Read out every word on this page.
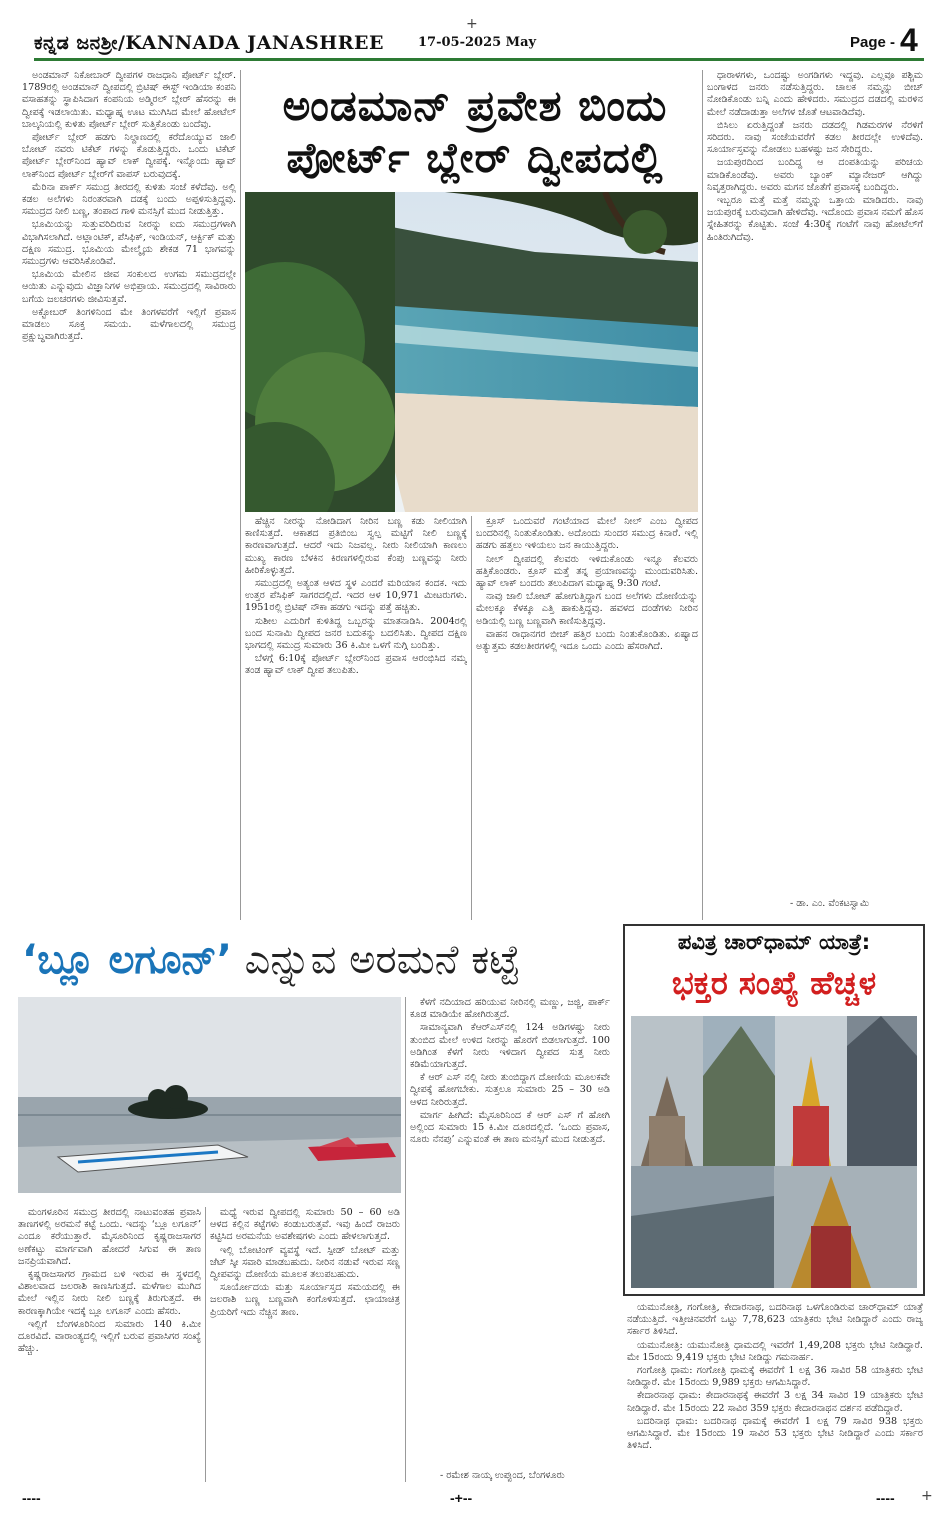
+
ಕನ್ನಡ ಜನಶ್ರೀ/KANNADA JANASHREE	17-05-2025 May	Page - 4
ಅಂಡಮಾನ್ ಪ್ರವೇಶ ಬಿಂದು
ಪೋರ್ಟ್ ಬ್ಲೇರ್ ದ್ವೀಪದಲ್ಲಿ

ಅಂಡಮಾನ್ ನಿಕೋಬಾರ್ ದ್ವೀಪಗಳ ರಾಜಧಾನಿ ಪೋರ್ಟ್ ಬ್ಲೇರ್. 1789ರಲ್ಲಿ ಅಂಡಮಾನ್ ದ್ವೀಪದಲ್ಲಿ ಬ್ರಿಟಿಷ್ ಈಸ್ಟ್ ಇಂಡಿಯಾ ಕಂಪನಿ ವಸಾಹತನ್ನು ಸ್ಥಾಪಿಸಿದಾಗ ಕಂಪನಿಯ ಅಡ್ಮಿರಲ್ ಬ್ಲೇರ್ ಹೆಸರನ್ನು ಈ ದ್ವೀಪಕ್ಕೆ ಇಡಲಾಯಿತು. ಮಧ್ಯಾಹ್ನ ಊಟ ಮುಗಿಸಿದ ಮೇಲೆ ಹೋಟೆಲ್ ಬಾಲ್ಕನಿಯಲ್ಲಿ ಕುಳಿತು ಪೋರ್ಟ್ ಬ್ಲೇರ್ ಸುತ್ತಿಕೊಂಡು ಬಂದೆವು.

ಪೋರ್ಟ್ ಬ್ಲೇರ್ ಹಡಗು ನಿಲ್ದಾಣದಲ್ಲಿ ಕರೆದೊಯ್ಯುವ ಜಾಲಿ ಬೋಟ್ ನವರು ಟಿಕೆಟ್ ಗಳನ್ನು ಕೊಡುತ್ತಿದ್ದರು. ಒಂದು ಟಿಕೆಟ್ ಪೋರ್ಟ್ ಬ್ಲೇರ್‌ನಿಂದ ಹ್ಯಾವ್ ಲಾಕ್ ದ್ವೀಪಕ್ಕೆ. ಇನ್ನೊಂದು ಹ್ಯಾವ್ ಲಾಕ್‌ನಿಂದ ಪೋರ್ಟ್ ಬ್ಲೇರ್‌ಗೆ ವಾಪಸ್ ಬರುವುದಕ್ಕೆ.

ಮೆರಿನಾ ಪಾರ್ಕ್ ಸಮುದ್ರ ತೀರದಲ್ಲಿ ಕುಳಿತು ಸಂಜೆ ಕಳೆದೆವು. ಅಲ್ಲಿ ಕಡಲ ಅಲೆಗಳು ನಿರಂತರವಾಗಿ ದಡಕ್ಕೆ ಬಂದು ಅಪ್ಪಳಿಸುತ್ತಿದ್ದವು. ಸಮುದ್ರದ ನೀಲಿ ಬಣ್ಣ, ತಂಪಾದ ಗಾಳಿ ಮನಸ್ಸಿಗೆ ಮುದ ನೀಡುತ್ತಿತ್ತು.

ಭೂಮಿಯನ್ನು ಸುತ್ತುವರಿದಿರುವ ನೀರನ್ನು ಐದು ಸಮುದ್ರಗಳಾಗಿ ವಿಭಾಗಿಸಲಾಗಿದೆ. ಅಟ್ಲಾಂಟಿಕ್, ಪೆಸಿಫಿಕ್, ಇಂಡಿಯನ್, ಆರ್ಕ್ಟಿಕ್ ಮತ್ತು ದಕ್ಷಿಣ ಸಮುದ್ರ. ಭೂಮಿಯ ಮೇಲ್ಮೈಯ ಶೇಕಡ 71 ಭಾಗವನ್ನು ಸಮುದ್ರಗಳು ಆವರಿಸಿಕೊಂಡಿವೆ.

ಭೂಮಿಯ ಮೇಲಿನ ಜೀವ ಸಂಕುಲದ ಉಗಮ ಸಮುದ್ರದಲ್ಲೇ ಆಯಿತು ಎನ್ನುವುದು ವಿಜ್ಞಾನಿಗಳ ಅಭಿಪ್ರಾಯ. ಸಮುದ್ರದಲ್ಲಿ ಸಾವಿರಾರು ಬಗೆಯ ಜಲಚರಗಳು ಜೀವಿಸುತ್ತವೆ.

ಅಕ್ಟೋಬರ್ ತಿಂಗಳಿನಿಂದ ಮೇ ತಿಂಗಳವರೆಗೆ ಇಲ್ಲಿಗೆ ಪ್ರವಾಸ ಮಾಡಲು ಸೂಕ್ತ ಸಮಯ. ಮಳೆಗಾಲದಲ್ಲಿ ಸಮುದ್ರ ಪ್ರಕ್ಷುಬ್ಧವಾಗಿರುತ್ತದೆ.

ಹೆಚ್ಚಿನ ನೀರನ್ನು ನೋಡಿದಾಗ ನೀರಿನ ಬಣ್ಣ ಕಡು ನೀಲಿಯಾಗಿ ಕಾಣಿಸುತ್ತದೆ. ಆಕಾಶದ ಪ್ರತಿಬಿಂಬ ಸ್ವಲ್ಪ ಮಟ್ಟಿಗೆ ನೀಲಿ ಬಣ್ಣಕ್ಕೆ ಕಾರಣವಾಗುತ್ತದೆ. ಆದರೆ ಇದು ನಿಜವಲ್ಲ. ನೀರು ನೀಲಿಯಾಗಿ ಕಾಣಲು ಮುಖ್ಯ ಕಾರಣ ಬೆಳಕಿನ ಕಿರಣಗಳಲ್ಲಿರುವ ಕೆಂಪು ಬಣ್ಣವನ್ನು ನೀರು ಹೀರಿಕೊಳ್ಳುತ್ತದೆ.

ಸಮುದ್ರದಲ್ಲಿ ಅತ್ಯಂತ ಆಳದ ಸ್ಥಳ ಎಂದರೆ ಮರಿಯಾನ ಕಂದಕ. ಇದು ಉತ್ತರ ಪೆಸಿಫಿಕ್ ಸಾಗರದಲ್ಲಿದೆ. ಇದರ ಆಳ 10,971 ಮೀಟರುಗಳು. 1951ರಲ್ಲಿ ಬ್ರಿಟಿಷ್ ನೌಕಾ ಹಡಗು ಇದನ್ನು ಪತ್ತೆ ಹಚ್ಚಿತು.

ಸುಶೀಲ ಎದುರಿಗೆ ಕುಳಿತಿದ್ದ ಒಬ್ಬರನ್ನು ಮಾತನಾಡಿಸಿ. 2004ರಲ್ಲಿ ಬಂದ ಸುನಾಮಿ ದ್ವೀಪದ ಜನರ ಬದುಕನ್ನು ಬದಲಿಸಿತು. ದ್ವೀಪದ ದಕ್ಷಿಣ ಭಾಗದಲ್ಲಿ ಸಮುದ್ರ ಸುಮಾರು 36 ಕಿ.ಮೀ ಒಳಗೆ ನುಗ್ಗಿ ಬಂದಿತ್ತು.

ಬೆಳಗ್ಗೆ 6:10ಕ್ಕೆ ಪೋರ್ಟ್ ಬ್ಲೇರ್‌ನಿಂದ ಪ್ರವಾಸ ಆರಂಭಿಸಿದ ನಮ್ಮ ತಂಡ ಹ್ಯಾವ್ ಲಾಕ್ ದ್ವೀಪ ತಲುಪಿತು.

ಕ್ರೂಸ್ ಒಂದುವರೆ ಗಂಟೆಯಾದ ಮೇಲೆ ನೀಲ್ ಎಂಬ ದ್ವೀಪದ ಬಂದರಿನಲ್ಲಿ ನಿಂತುಕೊಂಡಿತು. ಅದೊಂದು ಸುಂದರ ಸಮುದ್ರ ಕಿನಾರೆ. ಇಲ್ಲಿ ಹಡಗು ಹತ್ತಲು ಇಳಿಯಲು ಜನ ಕಾಯುತ್ತಿದ್ದರು.

ನೀಲ್ ದ್ವೀಪದಲ್ಲಿ ಕೆಲವರು ಇಳಿದುಕೊಂಡು ಇನ್ನೂ ಕೆಲವರು ಹತ್ತಿಕೊಂಡರು. ಕ್ರೂಸ್ ಮತ್ತೆ ತನ್ನ ಪ್ರಯಾಣವನ್ನು ಮುಂದುವರಿಸಿತು. ಹ್ಯಾವ್ ಲಾಕ್ ಬಂದರು ತಲುಪಿದಾಗ ಮಧ್ಯಾಹ್ನ 9:30 ಗಂಟೆ.

ನಾವು ಜಾಲಿ ಬೋಟ್ ಹೋಗುತ್ತಿದ್ದಾಗ ಬಂದ ಅಲೆಗಳು ದೋಣಿಯನ್ನು ಮೇಲಕ್ಕೂ ಕೆಳಕ್ಕೂ ಎತ್ತಿ ಹಾಕುತ್ತಿದ್ದವು. ಹವಳದ ದಂಡೆಗಳು ನೀರಿನ ಅಡಿಯಲ್ಲಿ ಬಣ್ಣ ಬಣ್ಣವಾಗಿ ಕಾಣಿಸುತ್ತಿದ್ದವು.

ವಾಹನ ರಾಧಾನಗರ ಬೀಚ್ ಹತ್ತಿರ ಬಂದು ನಿಂತುಕೊಂಡಿತು. ಏಷ್ಯಾದ ಅತ್ಯುತ್ತಮ ಕಡಲತೀರಗಳಲ್ಲಿ ಇದೂ ಒಂದು ಎಂದು ಹೆಸರಾಗಿದೆ.

ಧಾರಾಳಗಳು, ಒಂದಷ್ಟು ಅಂಗಡಿಗಳು ಇದ್ದವು. ಎಲ್ಲವೂ ಪಶ್ಚಿಮ ಬಂಗಾಳದ ಜನರು ನಡೆಸುತ್ತಿದ್ದರು. ಚಾಲಕ ನಮ್ಮನ್ನು ಬೀಚ್ ನೋಡಿಕೊಂಡು ಬನ್ನಿ ಎಂದು ಹೇಳಿದರು. ಸಮುದ್ರದ ದಡದಲ್ಲಿ ಮರಳಿನ ಮೇಲೆ ನಡೆದಾಡುತ್ತಾ ಅಲೆಗಳ ಜೊತೆ ಆಟವಾಡಿದೆವು.

ಬಿಸಿಲು ಏರುತ್ತಿದ್ದಂತೆ ಜನರು ದಡದಲ್ಲಿ ಗಿಡಮರಗಳ ನೆರಳಿಗೆ ಸರಿದರು. ನಾವು ಸಂಜೆಯವರೆಗೆ ಕಡಲ ತೀರದಲ್ಲೇ ಉಳಿದೆವು. ಸೂರ್ಯಾಸ್ತವನ್ನು ನೋಡಲು ಬಹಳಷ್ಟು ಜನ ಸೇರಿದ್ದರು.

ಜಯಪುರದಿಂದ ಬಂದಿದ್ದ ಆ ದಂಪತಿಯನ್ನು ಪರಿಚಯ ಮಾಡಿಕೊಂಡೆವು. ಅವರು ಬ್ಯಾಂಕ್ ಮ್ಯಾನೇಜರ್ ಆಗಿದ್ದು ನಿವೃತ್ತರಾಗಿದ್ದರು. ಅವರು ಮಗನ ಜೊತೆಗೆ ಪ್ರವಾಸಕ್ಕೆ ಬಂದಿದ್ದರು.

ಇಬ್ಬರೂ ಮತ್ತೆ ಮತ್ತೆ ನಮ್ಮನ್ನು ಒತ್ತಾಯ ಮಾಡಿದರು. ನಾವು ಜಯಪುರಕ್ಕೆ ಬರುವುದಾಗಿ ಹೇಳಿದೆವು. ಇದೊಂದು ಪ್ರವಾಸ ನಮಗೆ ಹೊಸ ಸ್ನೇಹಿತರನ್ನು ಕೊಟ್ಟಿತು. ಸಂಜೆ 4:30ಕ್ಕೆ ಗಂಟೆಗೆ ನಾವು ಹೋಟೆಲ್‌ಗೆ ಹಿಂತಿರುಗಿದೆವು.

- ಡಾ. ಎಂ. ವೆಂಕಟಸ್ವಾಮಿ
‘ಬ್ಲೂ ಲಗೂನ್’ ಎನ್ನುವ ಅರಮನೆ ಕಟ್ಟೆ

ಮಂಗಳೂರಿನ ಸಮುದ್ರ ತೀರದಲ್ಲಿ ನಾಟುವಂತಹ ಪ್ರವಾಸಿ ತಾಣಗಳಲ್ಲಿ ಅರಮನೆ ಕಟ್ಟೆ ಒಂದು. ಇದನ್ನು ‘ಬ್ಲೂ ಲಗೂನ್’ ಎಂದೂ ಕರೆಯುತ್ತಾರೆ. ಮೈಸೂರಿನಿಂದ ಕೃಷ್ಣರಾಜಸಾಗರ ಅಣೆಕಟ್ಟು ಮಾರ್ಗವಾಗಿ ಹೋದರೆ ಸಿಗುವ ಈ ತಾಣ ಜನಪ್ರಿಯವಾಗಿದೆ.

ಕೃಷ್ಣರಾಜಸಾಗರ ಗ್ರಾಮದ ಬಳಿ ಇರುವ ಈ ಸ್ಥಳದಲ್ಲಿ ವಿಶಾಲವಾದ ಜಲರಾಶಿ ಕಾಣಸಿಗುತ್ತದೆ. ಮಳೆಗಾಲ ಮುಗಿದ ಮೇಲೆ ಇಲ್ಲಿನ ನೀರು ನೀಲಿ ಬಣ್ಣಕ್ಕೆ ತಿರುಗುತ್ತದೆ. ಈ ಕಾರಣಕ್ಕಾಗಿಯೇ ಇದಕ್ಕೆ ಬ್ಲೂ ಲಗೂನ್ ಎಂದು ಹೆಸರು.

ಇಲ್ಲಿಗೆ ಬೆಂಗಳೂರಿನಿಂದ ಸುಮಾರು 140 ಕಿ.ಮೀ ದೂರವಿದೆ. ವಾರಾಂತ್ಯದಲ್ಲಿ ಇಲ್ಲಿಗೆ ಬರುವ ಪ್ರವಾಸಿಗರ ಸಂಖ್ಯೆ ಹೆಚ್ಚು.

ಮಧ್ಯೆ ಇರುವ ದ್ವೀಪದಲ್ಲಿ ಸುಮಾರು 50 – 60 ಅಡಿ ಆಳದ ಕಲ್ಲಿನ ಕಟ್ಟೆಗಳು ಕಂಡುಬರುತ್ತವೆ. ಇವು ಹಿಂದೆ ರಾಜರು ಕಟ್ಟಿಸಿದ ಅರಮನೆಯ ಅವಶೇಷಗಳು ಎಂದು ಹೇಳಲಾಗುತ್ತದೆ.

ಇಲ್ಲಿ ಬೋಟಿಂಗ್ ವ್ಯವಸ್ಥೆ ಇದೆ. ಸ್ಪೀಡ್ ಬೋಟ್ ಮತ್ತು ಜೆಟ್ ಸ್ಕೀ ಸವಾರಿ ಮಾಡಬಹುದು. ನೀರಿನ ನಡುವೆ ಇರುವ ಸಣ್ಣ ದ್ವೀಪವನ್ನು ದೋಣಿಯ ಮೂಲಕ ತಲುಪಬಹುದು.

ಸೂರ್ಯೋದಯ ಮತ್ತು ಸೂರ್ಯಾಸ್ತದ ಸಮಯದಲ್ಲಿ ಈ ಜಲರಾಶಿ ಬಣ್ಣ ಬಣ್ಣವಾಗಿ ಕಂಗೊಳಿಸುತ್ತದೆ. ಛಾಯಾಚಿತ್ರ ಪ್ರಿಯರಿಗೆ ಇದು ನೆಚ್ಚಿನ ತಾಣ.

ಕೆಳಗೆ ನದಿಯಾದ ಹರಿಯುವ ನೀರಿನಲ್ಲಿ ಮಣ್ಣು, ಜಜ್ಜಿ, ಪಾರ್ಕ್ ಕೂಡ ಮಾಡಿಯೇ ಹೋಗಿರುತ್ತದೆ.

ಸಾಮಾನ್ಯವಾಗಿ ಕೆಆರ್‌ಎಸ್‌ನಲ್ಲಿ 124 ಅಡಿಗಳಷ್ಟು ನೀರು ತುಂಬಿದ ಮೇಲೆ ಉಳಿದ ನೀರನ್ನು ಹೊರಗೆ ಬಿಡಲಾಗುತ್ತದೆ. 100 ಅಡಿಗಿಂತ ಕೆಳಗೆ ನೀರು ಇಳಿದಾಗ ದ್ವೀಪದ ಸುತ್ತ ನೀರು ಕಡಿಮೆಯಾಗುತ್ತದೆ.

ಕೆ ಆರ್ ಎಸ್ ನಲ್ಲಿ ನೀರು ತುಂಬಿದ್ದಾಗ ದೋಣಿಯ ಮೂಲಕವೇ ದ್ವೀಪಕ್ಕೆ ಹೋಗಬೇಕು. ಸುತ್ತಲೂ ಸುಮಾರು 25 – 30 ಅಡಿ ಆಳದ ನೀರಿರುತ್ತದೆ.

ಮಾರ್ಗ ಹೀಗಿದೆ: ಮೈಸೂರಿನಿಂದ ಕೆ ಆರ್ ಎಸ್ ಗೆ ಹೋಗಿ ಅಲ್ಲಿಂದ ಸುಮಾರು 15 ಕಿ.ಮೀ ದೂರದಲ್ಲಿದೆ. ‘ಒಂದು ಪ್ರವಾಸ, ನೂರು ನೆನಪು’ ಎನ್ನುವಂತೆ ಈ ತಾಣ ಮನಸ್ಸಿಗೆ ಮುದ ನೀಡುತ್ತದೆ.

- ರಮೇಶ ನಾಯ್ಕ ಉಪ್ಪುಂದ, ಬೆಂಗಳೂರು
ಪವಿತ್ರ ಚಾರ್‌ಧಾಮ್ ಯಾತ್ರೆ:
ಭಕ್ತರ ಸಂಖ್ಯೆ ಹೆಚ್ಚಳ

ಯಮುನೋತ್ರಿ, ಗಂಗೋತ್ರಿ, ಕೇದಾರನಾಥ, ಬದರಿನಾಥ ಒಳಗೊಂಡಿರುವ ಚಾರ್‌ಧಾಮ್ ಯಾತ್ರೆ ನಡೆಯುತ್ತಿದೆ. ಇತ್ತೀಚಿನವರೆಗೆ ಒಟ್ಟು 7,78,623 ಯಾತ್ರಿಕರು ಭೇಟಿ ನೀಡಿದ್ದಾರೆ ಎಂದು ರಾಜ್ಯ ಸರ್ಕಾರ ತಿಳಿಸಿದೆ.

ಯಮುನೋತ್ರಿ: ಯಮುನೋತ್ರಿ ಧಾಮದಲ್ಲಿ ಇವರೆಗೆ 1,49,208 ಭಕ್ತರು ಭೇಟಿ ನೀಡಿದ್ದಾರೆ. ಮೇ 15ರಂದು 9,419 ಭಕ್ತರು ಭೇಟಿ ನೀಡಿದ್ದು ಗಮನಾರ್ಹ.

ಗಂಗೋತ್ರಿ ಧಾಮ: ಗಂಗೋತ್ರಿ ಧಾಮಕ್ಕೆ ಈವರೆಗೆ 1 ಲಕ್ಷ 36 ಸಾವಿರ 58 ಯಾತ್ರಿಕರು ಭೇಟಿ ನೀಡಿದ್ದಾರೆ. ಮೇ 15ರಂದು 9,989 ಭಕ್ತರು ಆಗಮಿಸಿದ್ದಾರೆ.

ಕೇದಾರನಾಥ ಧಾಮ: ಕೇದಾರನಾಥಕ್ಕೆ ಈವರೆಗೆ 3 ಲಕ್ಷ 34 ಸಾವಿರ 19 ಯಾತ್ರಿಕರು ಭೇಟಿ ನೀಡಿದ್ದಾರೆ. ಮೇ 15ರಂದು 22 ಸಾವಿರ 359 ಭಕ್ತರು ಕೇದಾರನಾಥನ ದರ್ಶನ ಪಡೆದಿದ್ದಾರೆ.

ಬದರಿನಾಥ ಧಾಮ: ಬದರಿನಾಥ ಧಾಮಕ್ಕೆ ಈವರೆಗೆ 1 ಲಕ್ಷ 79 ಸಾವಿರ 938 ಭಕ್ತರು ಆಗಮಿಸಿದ್ದಾರೆ. ಮೇ 15ರಂದು 19 ಸಾವಿರ 53 ಭಕ್ತರು ಭೇಟಿ ನೀಡಿದ್ದಾರೆ ಎಂದು ಸರ್ಕಾರ ತಿಳಿಸಿದೆ.

----	-+--	---- +
